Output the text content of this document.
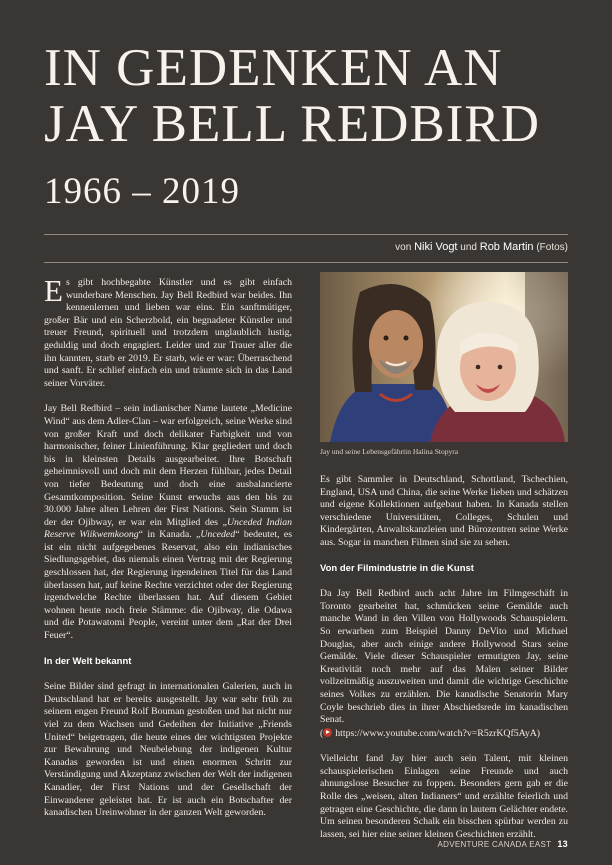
IN GEDENKEN AN
JAY BELL REDBIRD
1966 – 2019
von Niki Vogt und Rob Martin (Fotos)

Es gibt hochbegabte Künstler und es gibt einfach wunderbare Menschen. Jay Bell Redbird war beides. Ihn kennenlernen und lieben war eins. Ein sanftmütiger, großer Bär und ein Scherzbold, ein begnadeter Künstler und treuer Freund, spirituell und trotzdem unglaublich lustig, geduldig und doch engagiert. Leider und zur Trauer aller die ihn kannten, starb er 2019. Er starb, wie er war: Überraschend und sanft. Er schlief einfach ein und träumte sich in das Land seiner Vorväter.

Jay Bell Redbird – sein indianischer Name lautete „Medicine Wind“ aus dem Adler-Clan – war erfolgreich, seine Werke sind von großer Kraft und doch delikater Farbigkeit und von harmonischer, feiner Linienführung. Klar gegliedert und doch bis in kleinsten Details ausgearbeitet. Ihre Botschaft geheimnisvoll und doch mit dem Herzen fühlbar, jedes Detail von tiefer Bedeutung und doch eine ausbalancierte Gesamtkomposition. Seine Kunst erwuchs aus den bis zu 30.000 Jahre alten Lehren der First Nations. Sein Stamm ist der der Ojibway, er war ein Mitglied des „Unceded Indian Reserve Wiikwemkoong“ in Kanada. „Unceded“ bedeutet, es ist ein nicht aufgegebenes Reservat, also ein indianisches Siedlungsgebiet, das niemals einen Vertrag mit der Regierung geschlossen hat, der Regierung irgendeinen Titel für das Land überlassen hat, auf keine Rechte verzichtet oder der Regierung irgendwelche Rechte überlassen hat. Auf diesem Gebiet wohnen heute noch freie Stämme: die Ojibway, die Odawa und die Potawatomi People, vereint unter dem „Rat der Drei Feuer“.

In der Welt bekannt

Seine Bilder sind gefragt in internationalen Galerien, auch in Deutschland hat er bereits ausgestellt. Jay war sehr früh zu seinem engen Freund Rolf Bouman gestoßen und hat nicht nur viel zu dem Wachsen und Gedeihen der Initiative „Friends United“ beigetragen, die heute eines der wichtigsten Projekte zur Bewahrung und Neubelebung der indigenen Kultur Kanadas geworden ist und einen enormen Schritt zur Verständigung und Akzeptanz zwischen der Welt der indigenen Kanadier, der First Nations und der Gesellschaft der Einwanderer geleistet hat. Er ist auch ein Botschafter der kanadischen Ureinwohner in der ganzen Welt geworden.

Jay und seine Lebensgefährtin Halina Stopyra

Es gibt Sammler in Deutschland, Schottland, Tschechien, England, USA und China, die seine Werke lieben und schätzen und eigene Kollektionen aufgebaut haben. In Kanada stellen verschiedene Universitäten, Colleges, Schulen und Kindergärten, Anwaltskanzleien und Bürozentren seine Werke aus. Sogar in manchen Filmen sind sie zu sehen.

Von der Filmindustrie in die Kunst

Da Jay Bell Redbird auch acht Jahre im Filmgeschäft in Toronto gearbeitet hat, schmücken seine Gemälde auch manche Wand in den Villen von Hollywoods Schauspielern. So erwarben zum Beispiel Danny DeVito und Michael Douglas, aber auch einige andere Hollywood Stars seine Gemälde. Viele dieser Schauspieler ermutigten Jay, seine Kreativität noch mehr auf das Malen seiner Bilder vollzeitmäßig auszuweiten und damit die wichtige Geschichte seines Volkes zu erzählen. Die kanadische Senatorin Mary Coyle beschrieb dies in ihrer Abschiedsrede im kanadischen Senat.
( https://www.youtube.com/watch?v=R5zrKQf5AyA)

Vielleicht fand Jay hier auch sein Talent, mit kleinen schauspielerischen Einlagen seine Freunde und auch ahnungslose Besucher zu foppen. Besonders gern gab er die Rolle des „weisen, alten Indianers“ und erzählte feierlich und getragen eine Geschichte, die dann in lautem Gelächter endete. Um seinen besonderen Schalk ein bisschen spürbar werden zu lassen, sei hier eine seiner kleinen Geschichten erzählt.

ADVENTURE CANADA EAST 13
